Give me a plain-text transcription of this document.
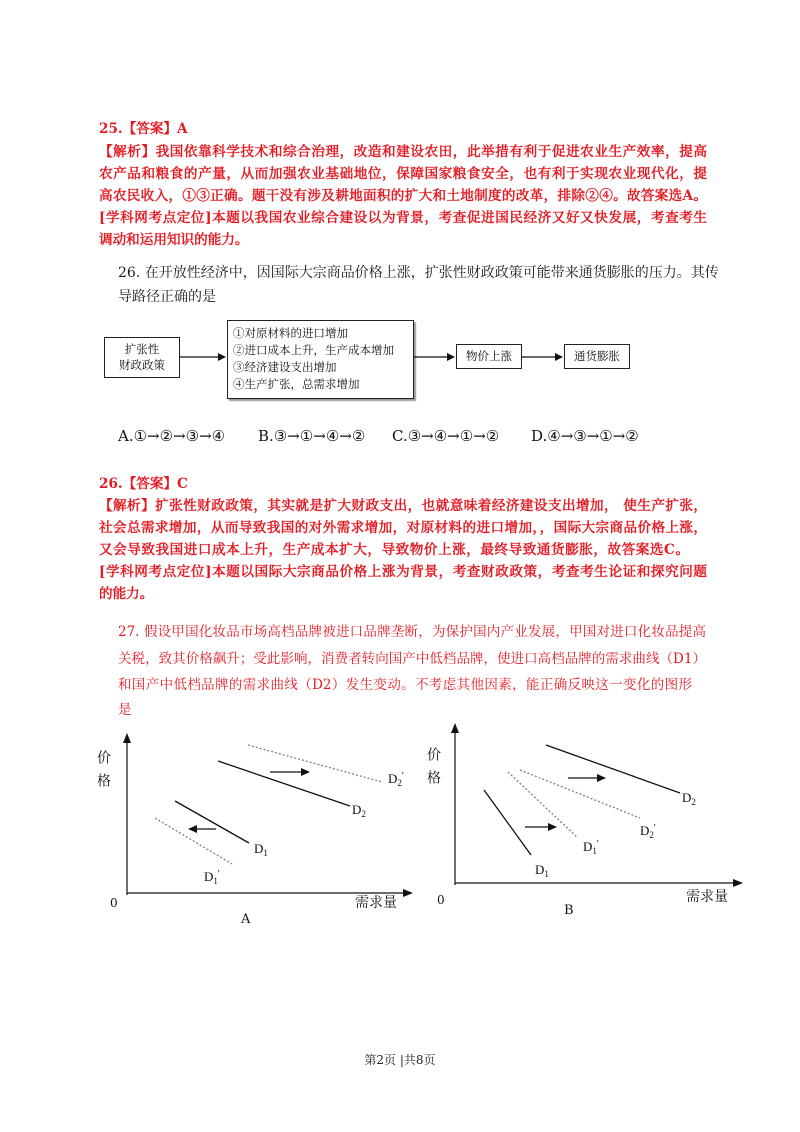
25.【答案】A
【解析】我国依靠科学技术和综合治理，改造和建设农田，此举措有利于促进农业生产效率，提高
农产品和粮食的产量，从而加强农业基础地位，保障国家粮食安全，也有利于实现农业现代化，提
高农民收入，①③正确。题干没有涉及耕地面积的扩大和土地制度的改革，排除②④。故答案选A。
[学科网考点定位]本题以我国农业综合建设以为背景，考查促进国民经济又好又快发展，考查考生
调动和运用知识的能力。
26. 在开放性经济中，因国际大宗商品价格上涨，扩张性财政政策可能带来通货膨胀的压力。其传
导路径正确的是
扩张性
财政政策
①对原材料的进口增加
②进口成本上升，生产成本增加
③经济建设支出增加
④生产扩张，总需求增加
物价上涨	通货膨胀
A.①→②→③→④ B.③→①→④→② C.③→④→①→② D.④→③→①→②
26.【答案】C
【解析】扩张性财政政策，其实就是扩大财政支出，也就意味着经济建设支出增加， 使生产扩张，
社会总需求增加，从而导致我国的对外需求增加，对原材料的进口增加，，国际大宗商品价格上涨，
又会导致我国进口成本上升，生产成本扩大，导致物价上涨，最终导致通货膨胀，故答案选C。
[学科网考点定位]本题以国际大宗商品价格上涨为背景，考查财政政策，考查考生论证和探究问题
的能力。
27. 假设甲国化妆品市场高档品牌被进口品牌垄断，为保护国内产业发展，甲国对进口化妆品提高
关税，致其价格飙升；受此影响，消费者转向国产中低档品牌，使进口高档品牌的需求曲线（D1）
和国产中低档品牌的需求曲线（D2）发生变动。不考虑其他因素，能正确反映这一变化的图形
是
价格
0	需求量
A
价格
0	需求量
B
$D_2'$
$D_2$
$D_1$
$D_1'$
$D_2$
$D_2'$
$D_1'$
$D_1$
第2页 |共8页
